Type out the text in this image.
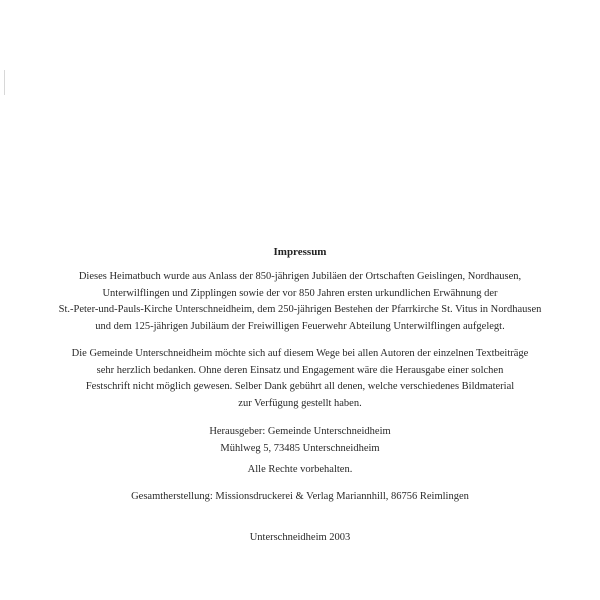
Impressum
Dieses Heimatbuch wurde aus Anlass der 850-jährigen Jubiläen der Ortschaften Geislingen, Nordhausen,
Unterwilflingen und Zipplingen sowie der vor 850 Jahren ersten urkundlichen Erwähnung der
St.-Peter-und-Pauls-Kirche Unterschneidheim, dem 250-jährigen Bestehen der Pfarrkirche St. Vitus in Nordhausen
und dem 125-jährigen Jubiläum der Freiwilligen Feuerwehr Abteilung Unterwilflingen aufgelegt.
Die Gemeinde Unterschneidheim möchte sich auf diesem Wege bei allen Autoren der einzelnen Textbeiträge
sehr herzlich bedanken. Ohne deren Einsatz und Engagement wäre die Herausgabe einer solchen
Festschrift nicht möglich gewesen. Selber Dank gebührt all denen, welche verschiedenes Bildmaterial
zur Verfügung gestellt haben.
Herausgeber: Gemeinde Unterschneidheim
Mühlweg 5, 73485 Unterschneidheim
Alle Rechte vorbehalten.
Gesamtherstellung: Missionsdruckerei & Verlag Mariannhill, 86756 Reimlingen
Unterschneidheim 2003
